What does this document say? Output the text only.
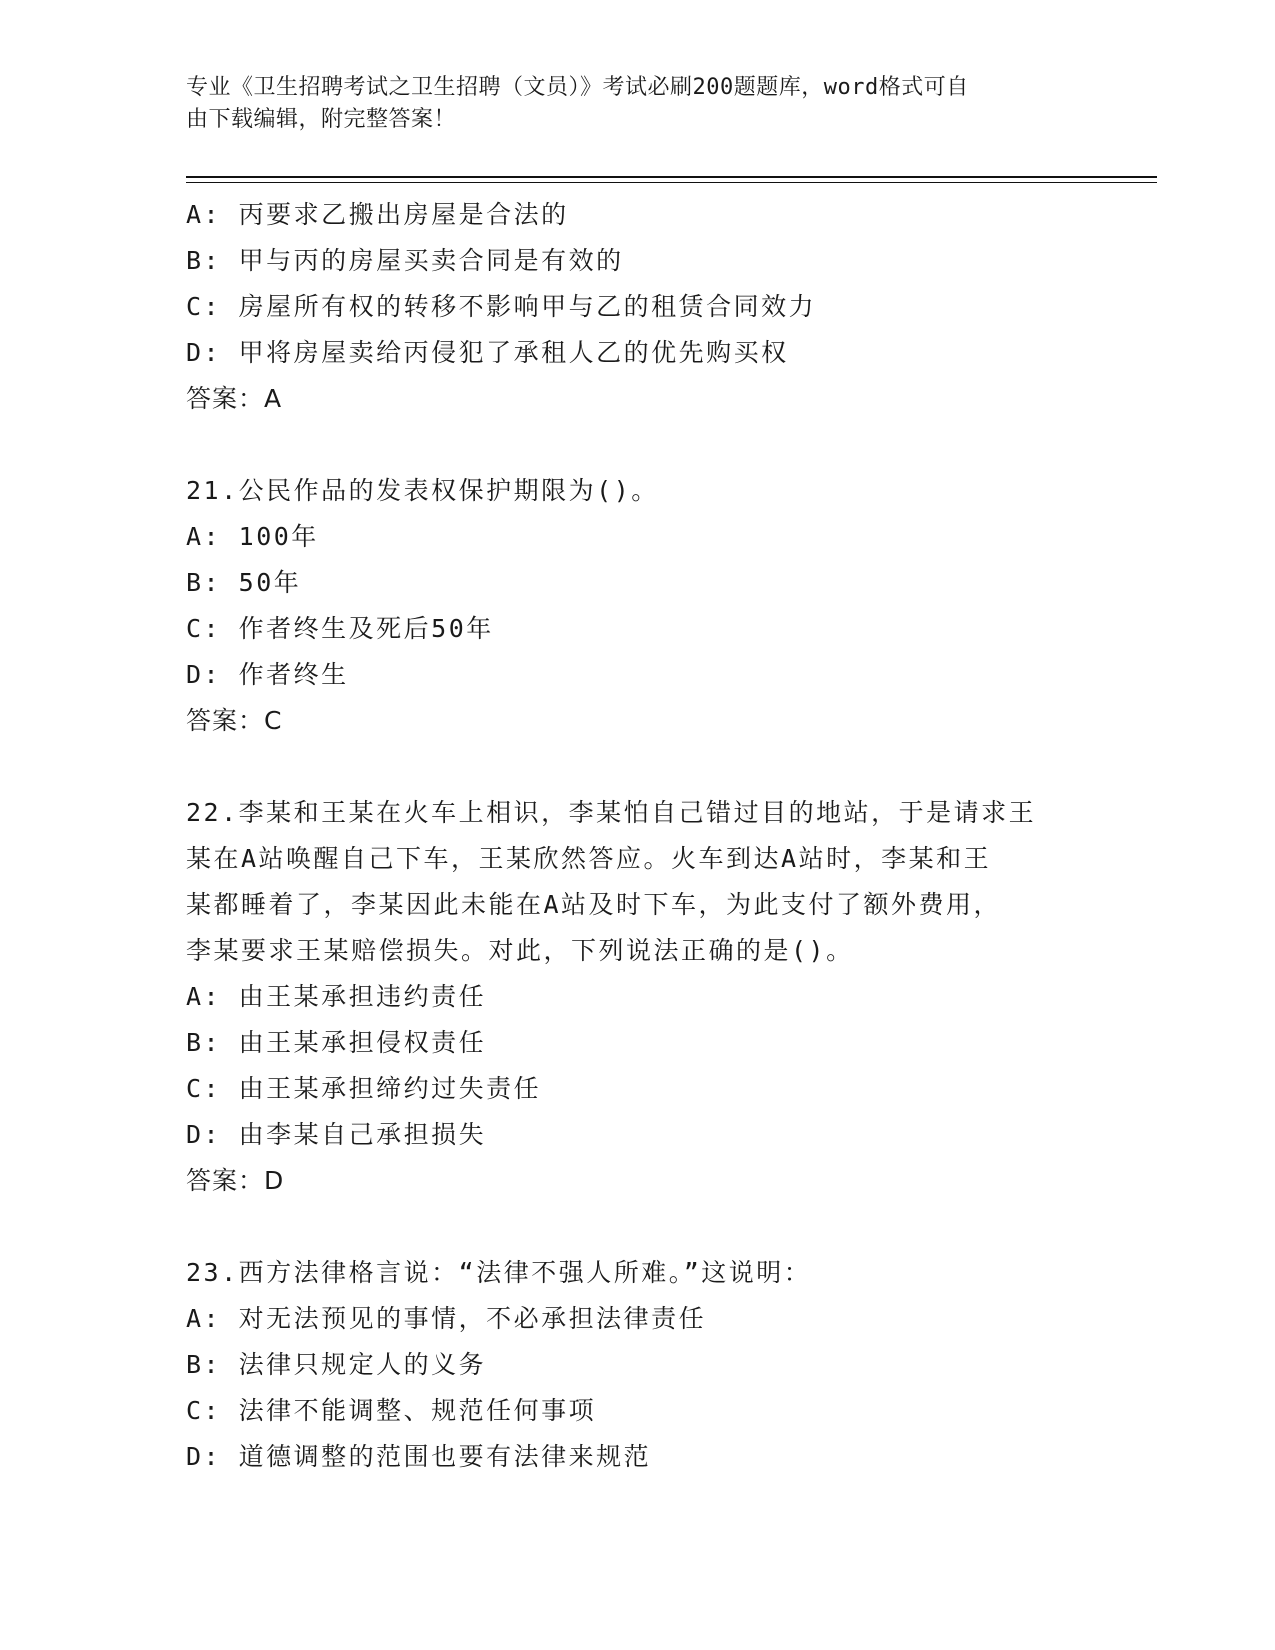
专业《卫生招聘考试之卫生招聘（文员）》考试必刷200题题库，word格式可自
由下载编辑，附完整答案！
A: 丙要求乙搬出房屋是合法的
B: 甲与丙的房屋买卖合同是有效的
C: 房屋所有权的转移不影响甲与乙的租赁合同效力
D: 甲将房屋卖给丙侵犯了承租人乙的优先购买权
答案：A
21.公民作品的发表权保护期限为()。
A: 100年
B: 50年
C: 作者终生及死后50年
D: 作者终生
答案：C
22.李某和王某在火车上相识，李某怕自己错过目的地站，于是请求王
某在A站唤醒自己下车，王某欣然答应。火车到达A站时，李某和王
某都睡着了，李某因此未能在A站及时下车，为此支付了额外费用，
李某要求王某赔偿损失。对此，下列说法正确的是()。
A: 由王某承担违约责任
B: 由王某承担侵权责任
C: 由王某承担缔约过失责任
D: 由李某自己承担损失
答案：D
23.西方法律格言说：“法律不强人所难。”这说明：
A: 对无法预见的事情，不必承担法律责任
B: 法律只规定人的义务
C: 法律不能调整、规范任何事项
D: 道德调整的范围也要有法律来规范
